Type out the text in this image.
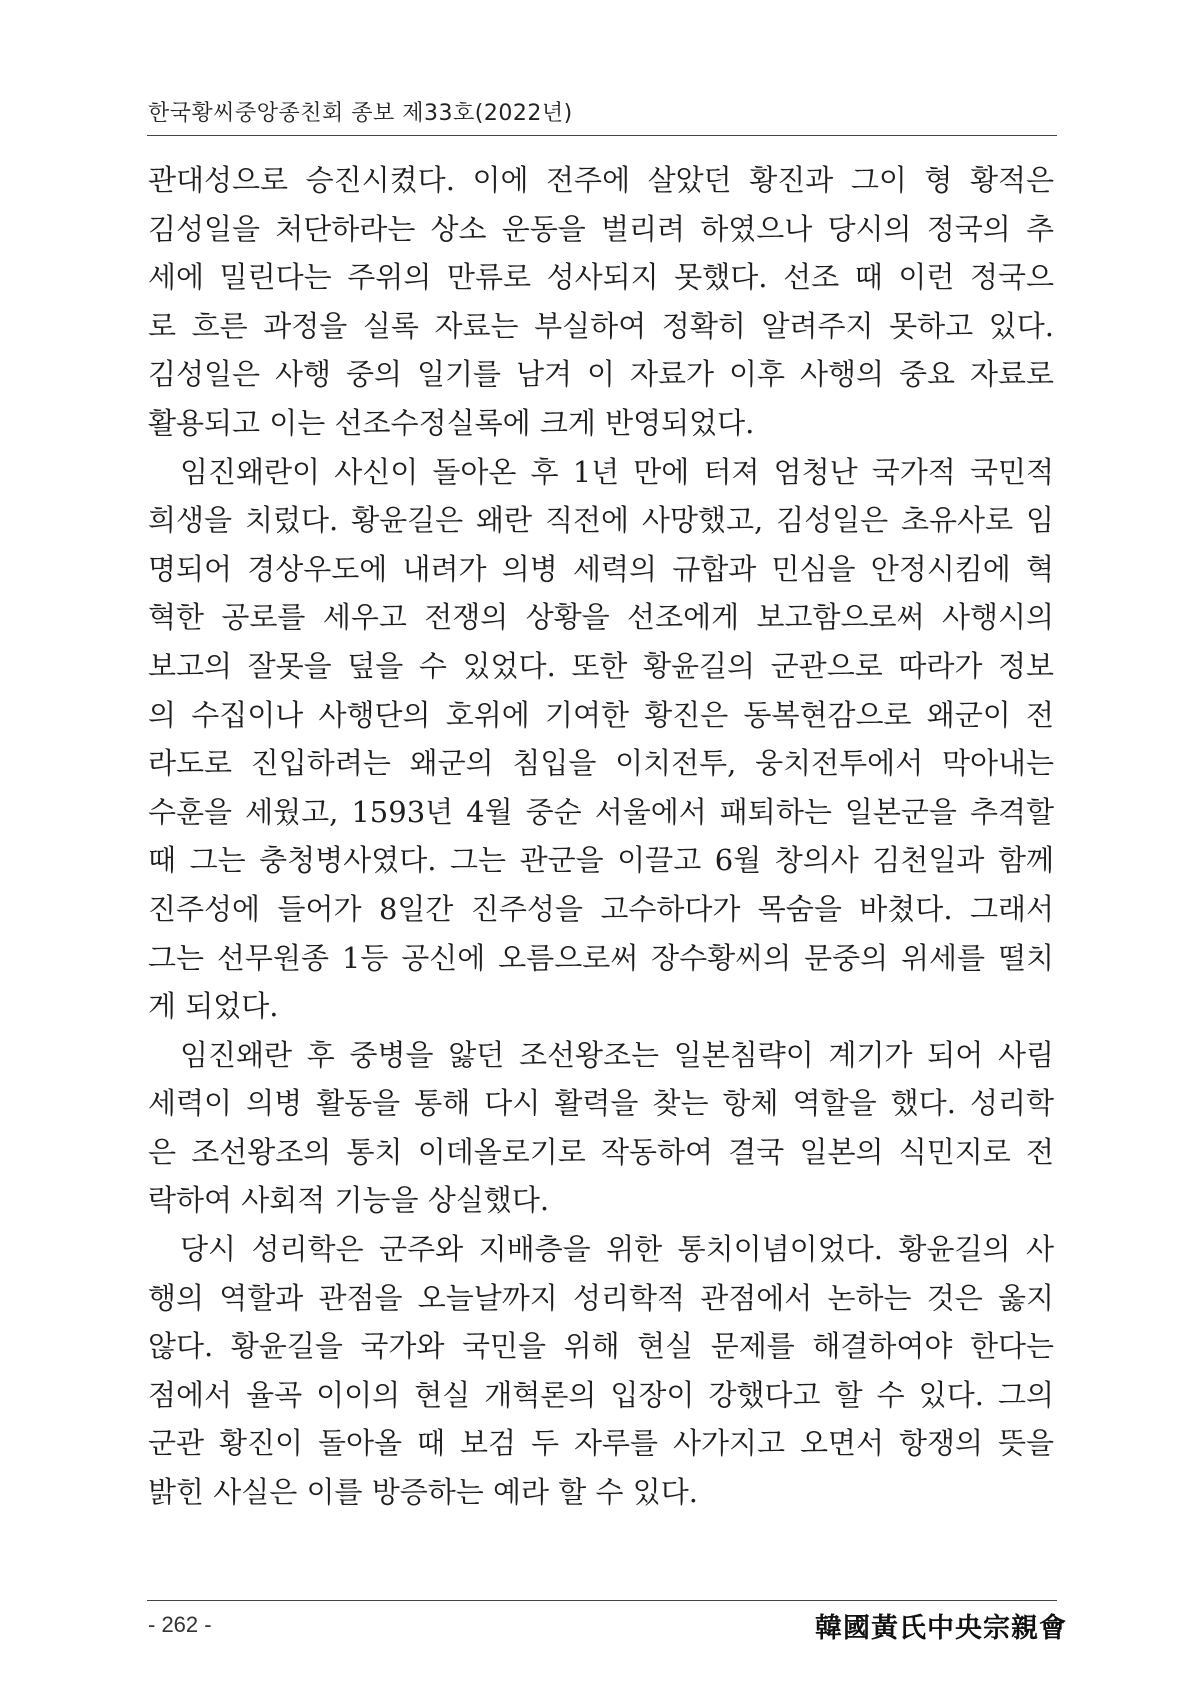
한국황씨중앙종친회 종보 제33호(2022년)
관대성으로 승진시켰다. 이에 전주에 살았던 황진과 그이 형 황적은
김성일을 처단하라는 상소 운동을 벌리려 하였으나 당시의 정국의 추
세에 밀린다는 주위의 만류로 성사되지 못했다. 선조 때 이런 정국으
로 흐른 과정을 실록 자료는 부실하여 정확히 알려주지 못하고 있다.
김성일은 사행 중의 일기를 남겨 이 자료가 이후 사행의 중요 자료로
활용되고 이는 선조수정실록에 크게 반영되었다.
임진왜란이 사신이 돌아온 후 1년 만에 터져 엄청난 국가적 국민적
희생을 치렀다. 황윤길은 왜란 직전에 사망했고, 김성일은 초유사로 임
명되어 경상우도에 내려가 의병 세력의 규합과 민심을 안정시킴에 혁
혁한 공로를 세우고 전쟁의 상황을 선조에게 보고함으로써 사행시의
보고의 잘못을 덮을 수 있었다. 또한 황윤길의 군관으로 따라가 정보
의 수집이나 사행단의 호위에 기여한 황진은 동복현감으로 왜군이 전
라도로 진입하려는 왜군의 침입을 이치전투, 웅치전투에서 막아내는
수훈을 세웠고, 1593년 4월 중순 서울에서 패퇴하는 일본군을 추격할
때 그는 충청병사였다. 그는 관군을 이끌고 6월 창의사 김천일과 함께
진주성에 들어가 8일간 진주성을 고수하다가 목숨을 바쳤다. 그래서
그는 선무원종 1등 공신에 오름으로써 장수황씨의 문중의 위세를 떨치
게 되었다.
임진왜란 후 중병을 앓던 조선왕조는 일본침략이 계기가 되어 사림
세력이 의병 활동을 통해 다시 활력을 찾는 항체 역할을 했다. 성리학
은 조선왕조의 통치 이데올로기로 작동하여 결국 일본의 식민지로 전
락하여 사회적 기능을 상실했다.
당시 성리학은 군주와 지배층을 위한 통치이념이었다. 황윤길의 사
행의 역할과 관점을 오늘날까지 성리학적 관점에서 논하는 것은 옳지
않다. 황윤길을 국가와 국민을 위해 현실 문제를 해결하여야 한다는
점에서 율곡 이이의 현실 개혁론의 입장이 강했다고 할 수 있다. 그의
군관 황진이 돌아올 때 보검 두 자루를 사가지고 오면서 항쟁의 뜻을
밝힌 사실은 이를 방증하는 예라 할 수 있다.
- 262 -	韓國黃氏中央宗親會
